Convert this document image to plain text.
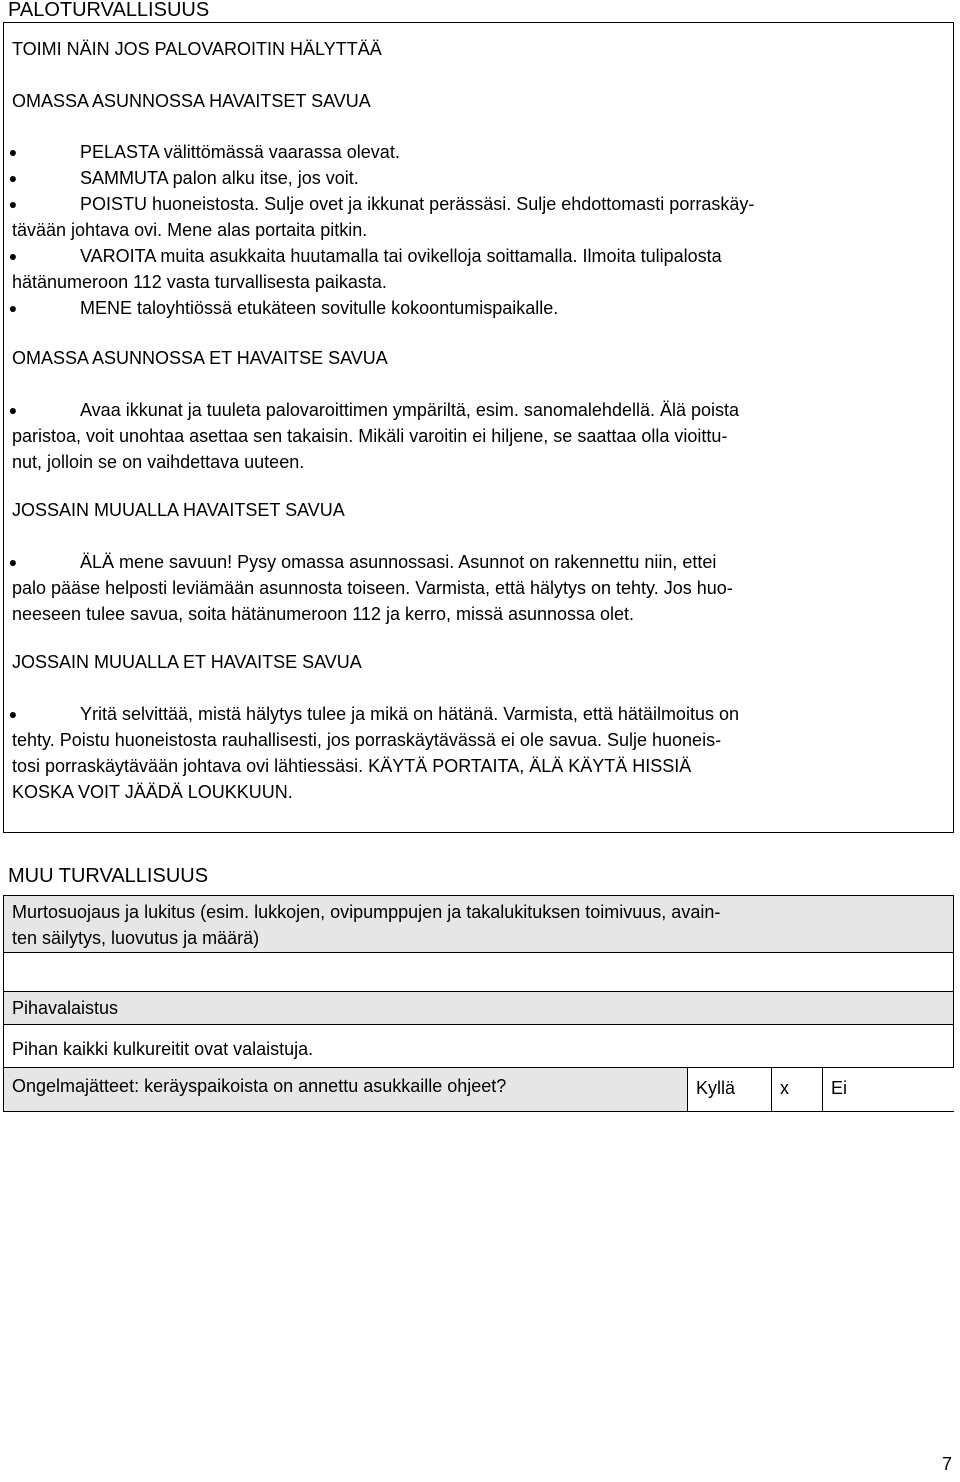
PALOTURVALLISUUS
TOIMI NÄIN JOS PALOVAROITIN HÄLYTTÄÄ
OMASSA ASUNNOSSA HAVAITSET SAVUA
●	PELASTA välittömässä vaarassa olevat.
●	SAMMUTA palon alku itse, jos voit.
●	POISTU huoneistosta. Sulje ovet ja ikkunat perässäsi. Sulje ehdottomasti porraskäy-
tävään johtava ovi. Mene alas portaita pitkin.
●	VAROITA muita asukkaita huutamalla tai ovikelloja soittamalla. Ilmoita tulipalosta
hätänumeroon 112 vasta turvallisesta paikasta.
●	MENE taloyhtiössä etukäteen sovitulle kokoontumispaikalle.
OMASSA ASUNNOSSA ET HAVAITSE SAVUA
●	Avaa ikkunat ja tuuleta palovaroittimen ympäriltä, esim. sanomalehdellä. Älä poista
paristoa, voit unohtaa asettaa sen takaisin. Mikäli varoitin ei hiljene, se saattaa olla vioittu-
nut, jolloin se on vaihdettava uuteen.
JOSSAIN MUUALLA HAVAITSET SAVUA
●	ÄLÄ mene savuun! Pysy omassa asunnossasi. Asunnot on rakennettu niin, ettei
palo pääse helposti leviämään asunnosta toiseen. Varmista, että hälytys on tehty. Jos huo-
neeseen tulee savua, soita hätänumeroon 112 ja kerro, missä asunnossa olet.
JOSSAIN MUUALLA ET HAVAITSE SAVUA
●	Yritä selvittää, mistä hälytys tulee ja mikä on hätänä. Varmista, että hätäilmoitus on
tehty. Poistu huoneistosta rauhallisesti, jos porraskäytävässä ei ole savua. Sulje huoneis-
tosi porraskäytävään johtava ovi lähtiessäsi. KÄYTÄ PORTAITA, ÄLÄ KÄYTÄ HISSIÄ
KOSKA VOIT JÄÄDÄ LOUKKUUN.
MUU TURVALLISUUS
Murtosuojaus ja lukitus (esim. lukkojen, ovipumppujen ja takalukituksen toimivuus, avain-
ten säilytys, luovutus ja määrä)
Pihavalaistus
Pihan kaikki kulkureitit ovat valaistuja.
Ongelmajätteet: keräyspaikoista on annettu asukkaille ohjeet?	Kyllä x Ei
7
